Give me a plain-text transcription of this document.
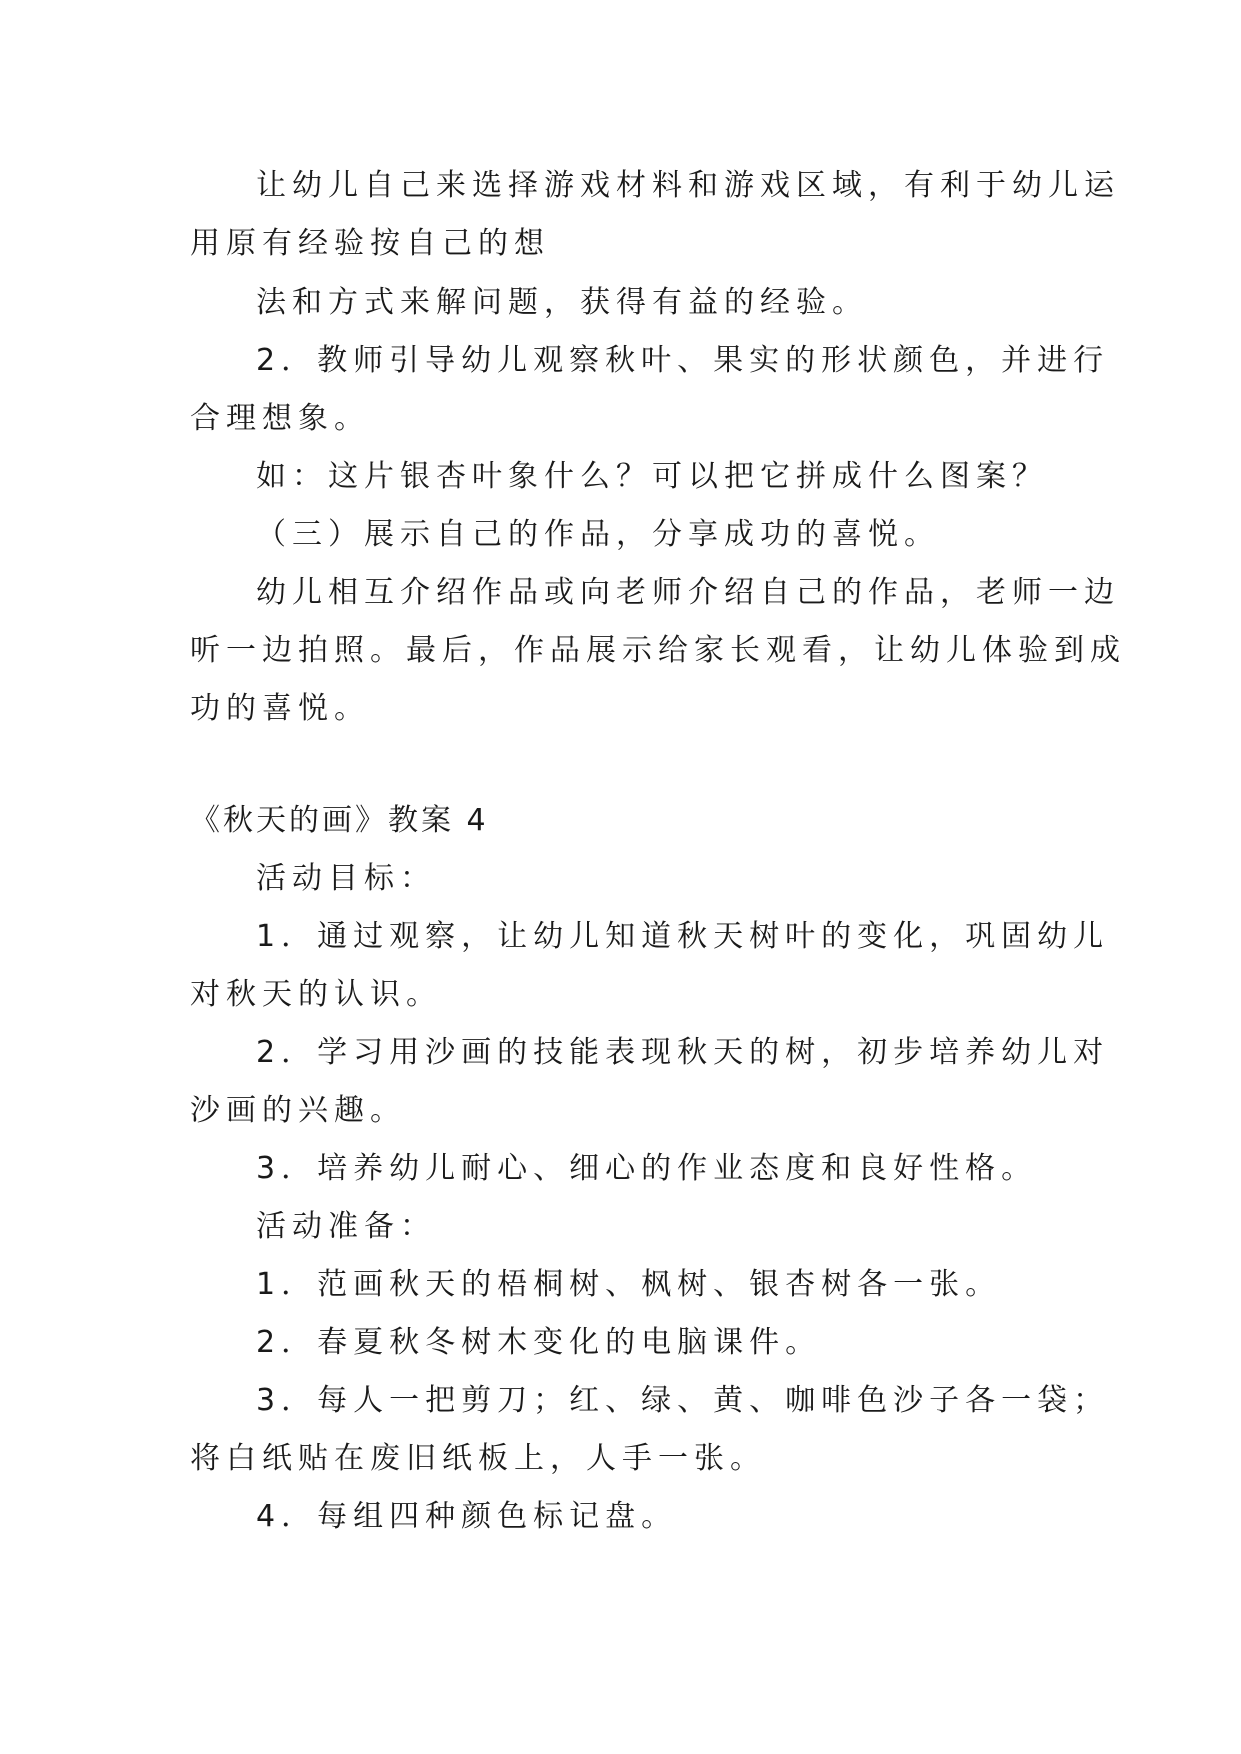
让幼儿自己来选择游戏材料和游戏区域，有利于幼儿运
用原有经验按自己的想
法和方式来解问题，获得有益的经验。
2．教师引导幼儿观察秋叶、果实的形状颜色，并进行
合理想象。
如：这片银杏叶象什么？可以把它拼成什么图案？
（三）展示自己的作品，分享成功的喜悦。
幼儿相互介绍作品或向老师介绍自己的作品，老师一边
听一边拍照。最后，作品展示给家长观看，让幼儿体验到成
功的喜悦。
《秋天的画》教案 4
活动目标：
1．通过观察，让幼儿知道秋天树叶的变化，巩固幼儿
对秋天的认识。
2．学习用沙画的技能表现秋天的树，初步培养幼儿对
沙画的兴趣。
3．培养幼儿耐心、细心的作业态度和良好性格。
活动准备：
1．范画秋天的梧桐树、枫树、银杏树各一张。
2．春夏秋冬树木变化的电脑课件。
3．每人一把剪刀；红、绿、黄、咖啡色沙子各一袋；
将白纸贴在废旧纸板上，人手一张。
4．每组四种颜色标记盘。
